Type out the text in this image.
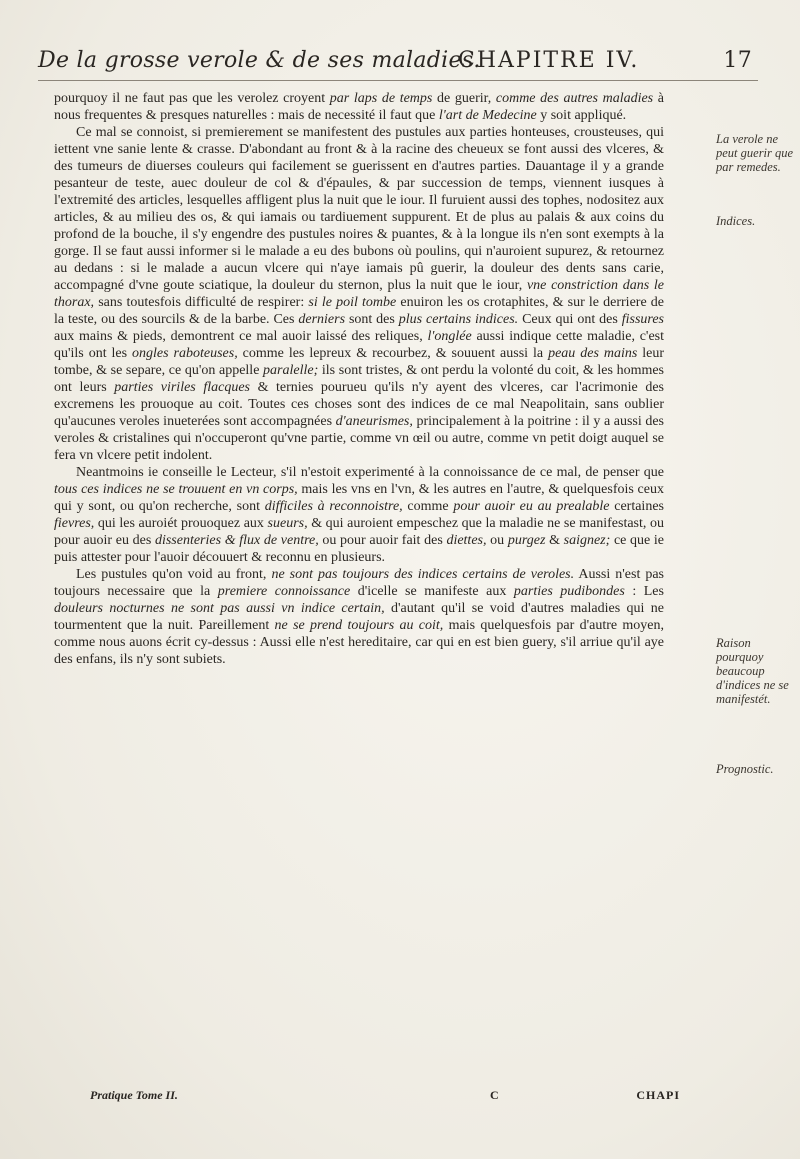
De la grosse verole & de ses maladies.
CHAPITRE IV.	17

pourquoy il ne faut pas que les verolez croyent par laps de temps de guerir, comme des autres maladies à nous frequentes & presques naturelles : mais de necessité il faut que l'art de Medecine y soit appliqué.

Ce mal se connoist, si premierement se manifestent des pustules aux parties honteuses, crousteuses, qui iettent vne sanie lente & crasse. D'abondant au front & à la racine des cheueux se font aussi des vlceres, & des tumeurs de diuerses couleurs qui facilement se guerissent en d'autres parties. Dauantage il y a grande pesanteur de teste, auec douleur de col & d'épaules, & par succession de temps, viennent iusques à l'extremité des articles, lesquelles affligent plus la nuit que le iour. Il furuient aussi des tophes, nodositez aux articles, & au milieu des os, & qui iamais ou tardiuement suppurent. Et de plus au palais & aux coins du profond de la bouche, il s'y engendre des pustules noires & puantes, & à la longue ils n'en sont exempts à la gorge. Il se faut aussi informer si le malade a eu des bubons où poulins, qui n'auroient supurez, & retournez au dedans : si le malade a aucun vlcere qui n'aye iamais pû guerir, la douleur des dents sans carie, accompagné d'vne goute sciatique, la douleur du sternon, plus la nuit que le iour, vne constriction dans le thorax, sans toutesfois difficulté de respirer: si le poil tombe enuiron les os crotaphites, & sur le derriere de la teste, ou des sourcils & de la barbe. Ces derniers sont des plus certains indices. Ceux qui ont des fissures aux mains & pieds, demontrent ce mal auoir laissé des reliques, l'onglée aussi indique cette maladie, c'est qu'ils ont les ongles raboteuses, comme les lepreux & recourbez, & souuent aussi la peau des mains leur tombe, & se separe, ce qu'on appelle paralelle; ils sont tristes, & ont perdu la volonté du coit, & les hommes ont leurs parties viriles flacques & ternies pourueu qu'ils n'y ayent des vlceres, car l'acrimonie des excremens les prouoque au coit. Toutes ces choses sont des indices de ce mal Neapolitain, sans oublier qu'aucunes veroles inueterées sont accompagnées d'aneurismes, principalement à la poitrine : il y a aussi des veroles & cristalines qui n'occuperont qu'vne partie, comme vn œil ou autre, comme vn petit doigt auquel se fera vn vlcere petit indolent.

Neantmoins ie conseille le Lecteur, s'il n'estoit experimenté à la connoissance de ce mal, de penser que tous ces indices ne se trouuent en vn corps, mais les vns en l'vn, & les autres en l'autre, & quelquesfois ceux qui y sont, ou qu'on recherche, sont difficiles à reconnoistre, comme pour auoir eu au prealable certaines fievres, qui les auroiét prouoquez aux sueurs, & qui auroient empeschez que la maladie ne se manifestast, ou pour auoir eu des dissenteries & flux de ventre, ou pour auoir fait des diettes, ou purgez & saignez; ce que ie puis attester pour l'auoir découuert & reconnu en plusieurs.

Les pustules qu'on void au front, ne sont pas toujours des indices certains de veroles. Aussi n'est pas toujours necessaire que la premiere connoissance d'icelle se manifeste aux parties pudibondes : Les douleurs nocturnes ne sont pas aussi vn indice certain, d'autant qu'il se void d'autres maladies qui ne tourmentent que la nuit. Pareillement ne se prend toujours au coit, mais quelquesfois par d'autre moyen, comme nous auons écrit cy-dessus : Aussi elle n'est hereditaire, car qui en est bien guery, s'il arriue qu'il aye des enfans, ils n'y sont subiets.

La verole ne peut guerir que par remedes.
Indices.
Raison pourquoy beaucoup d'indices ne se manifestét.
Prognostic.
Pratique Tome II.	C	CHAPI
